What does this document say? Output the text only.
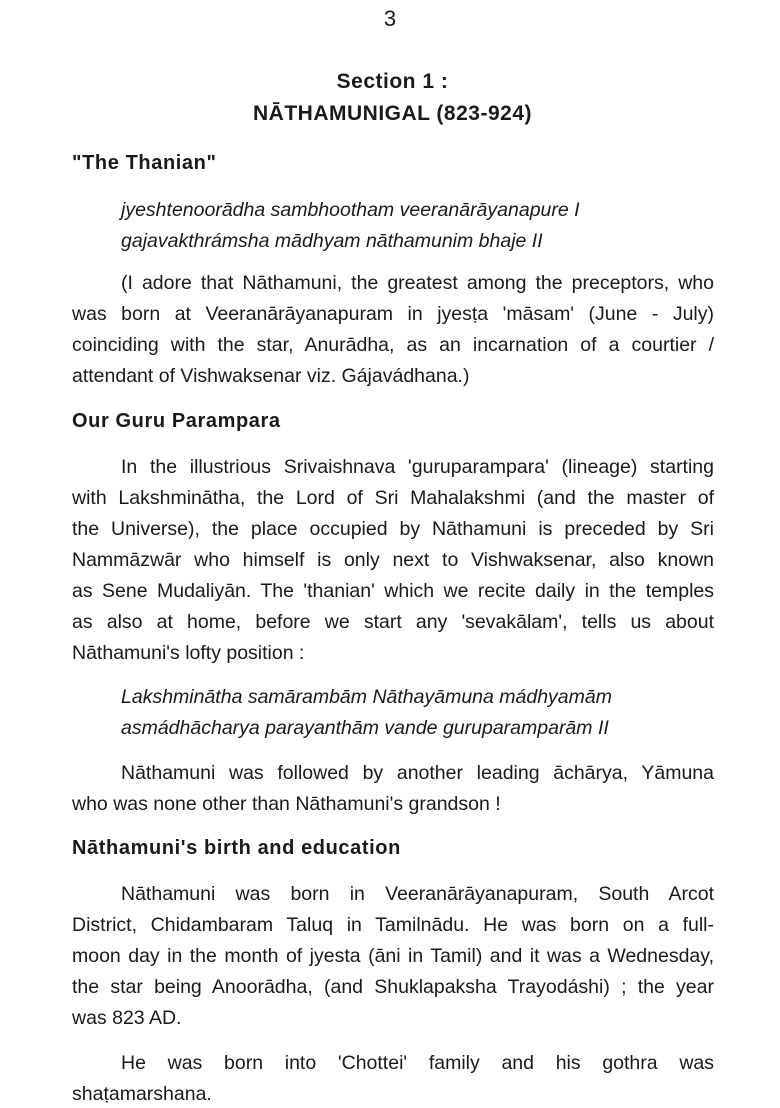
3
Section 1 :
NĀTHAMUNIGAL (823-924)
"The Thanian"
jyeshtenoorādha sambhootham veeranārāyanapure I
gajavakthrámsha mādhyam nāthamunim bhaje II
(I adore that Nāthamuni, the greatest among the preceptors, who
was born at Veeranārāyanapuram in jyesṭa 'māsam' (June - July)
coinciding with the star, Anurādha, as an incarnation of a courtier /
attendant of Vishwaksenar viz. Gájavádhana.)
Our Guru Parampara
In the illustrious Srivaishnava 'guruparampara' (lineage) starting
with Lakshminātha, the Lord of Sri Mahalakshmi (and the master of
the Universe), the place occupied by Nāthamuni is preceded by Sri
Nammāzwār who himself is only next to Vishwaksenar, also known
as Sene Mudaliyān. The 'thanian' which we recite daily in the temples
as also at home, before we start any 'sevakālam', tells us about
Nāthamuni's lofty position :
Lakshminātha samārambām Nāthayāmuna mádhyamām
asmádhācharya parayanthām vande guruparamparām II
Nāthamuni was followed by another leading āchārya, Yāmuna
who was none other than Nāthamuni's grandson !
Nāthamuni's birth and education
Nāthamuni was born in Veeranārāyanapuram, South Arcot
District, Chidambaram Taluq in Tamilnādu. He was born on a full-
moon day in the month of jyesta (āni in Tamil) and it was a Wednesday,
the star being Anoorādha, (and Shuklapaksha Trayodáshi) ; the year
was 823 AD.
He was born into 'Chottei' family and his gothra was
shaṭamarshana.
